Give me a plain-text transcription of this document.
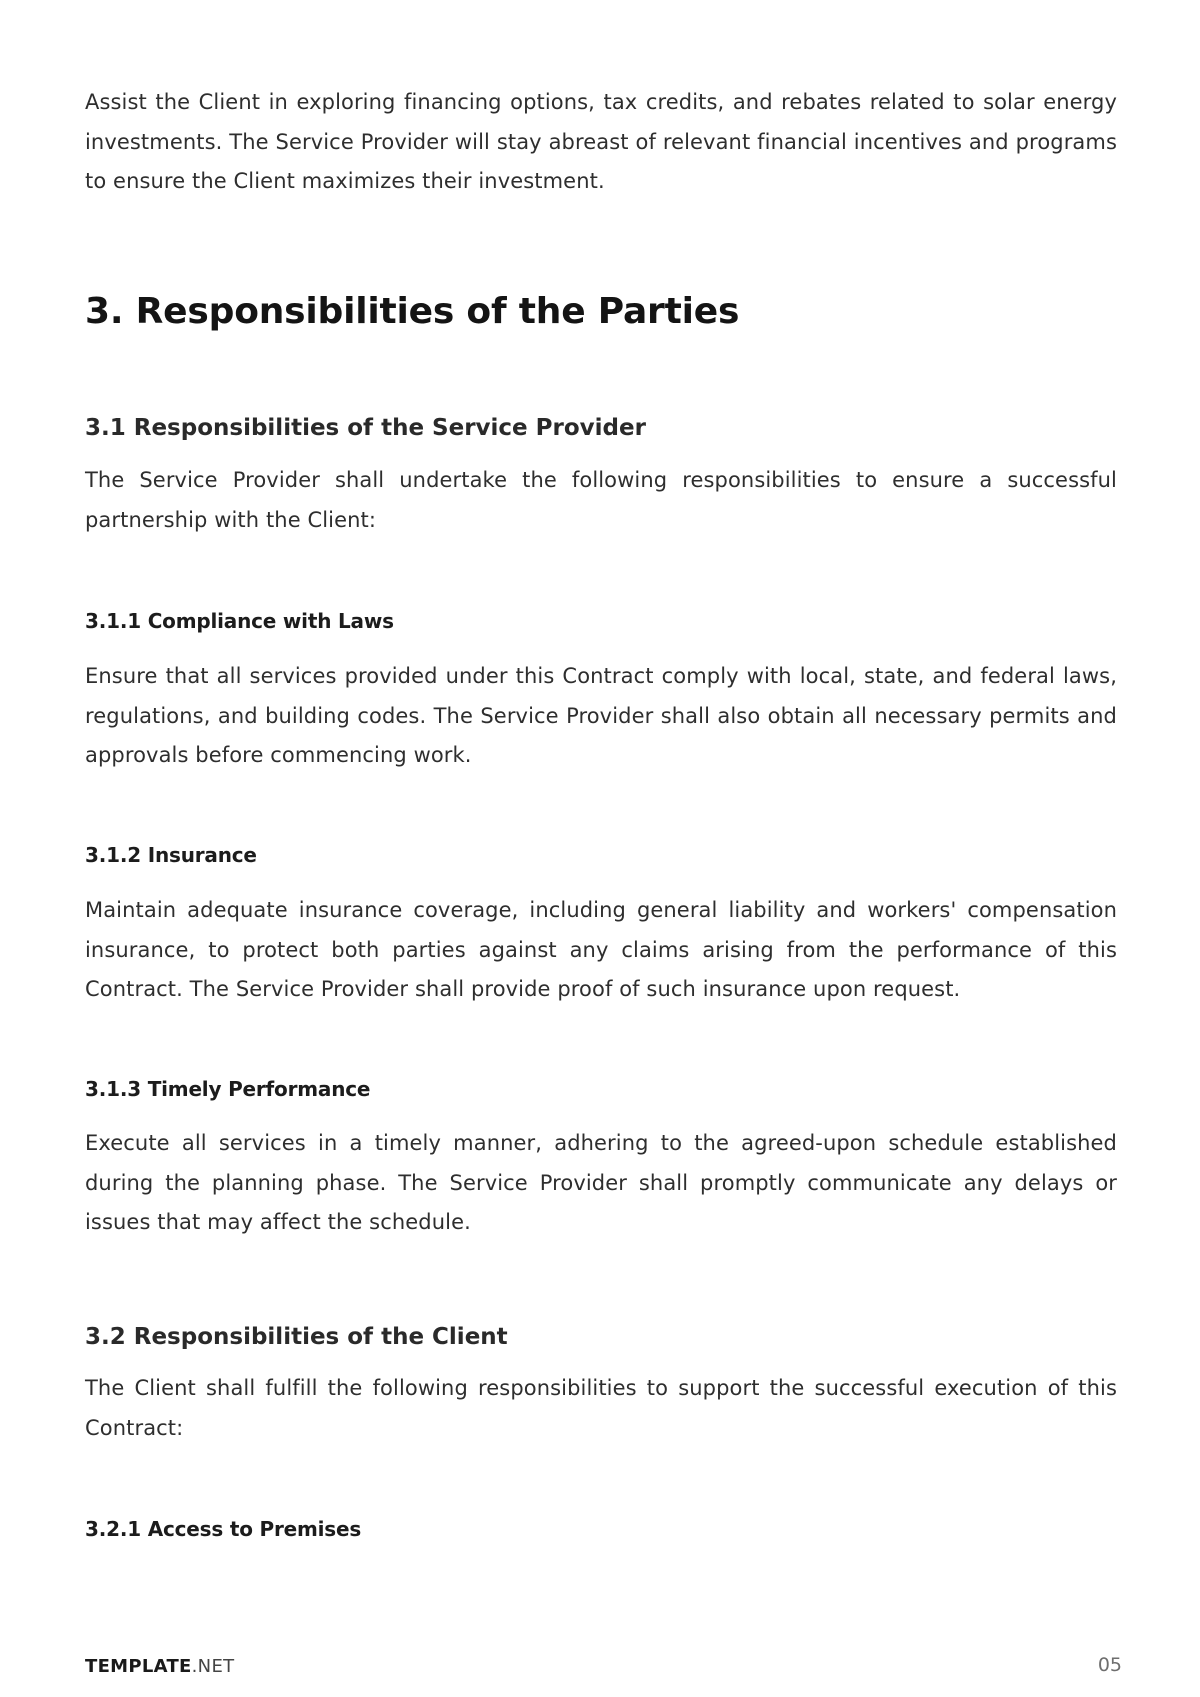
Assist the Client in exploring financing options, tax credits, and rebates related to solar energy investments. The Service Provider will stay abreast of relevant financial incentives and programs to ensure the Client maximizes their investment.

3. Responsibilities of the Parties
3.1 Responsibilities of the Service Provider

The Service Provider shall undertake the following responsibilities to ensure a successful partnership with the Client:

3.1.1 Compliance with Laws

Ensure that all services provided under this Contract comply with local, state, and federal laws, regulations, and building codes. The Service Provider shall also obtain all necessary permits and approvals before commencing work.

3.1.2 Insurance

Maintain adequate insurance coverage, including general liability and workers' compensation insurance, to protect both parties against any claims arising from the performance of this Contract. The Service Provider shall provide proof of such insurance upon request.

3.1.3 Timely Performance

Execute all services in a timely manner, adhering to the agreed-upon schedule established during the planning phase. The Service Provider shall promptly communicate any delays or issues that may affect the schedule.

3.2 Responsibilities of the Client

The Client shall fulfill the following responsibilities to support the successful execution of this Contract:

3.2.1 Access to Premises
TEMPLATE.NET	05
